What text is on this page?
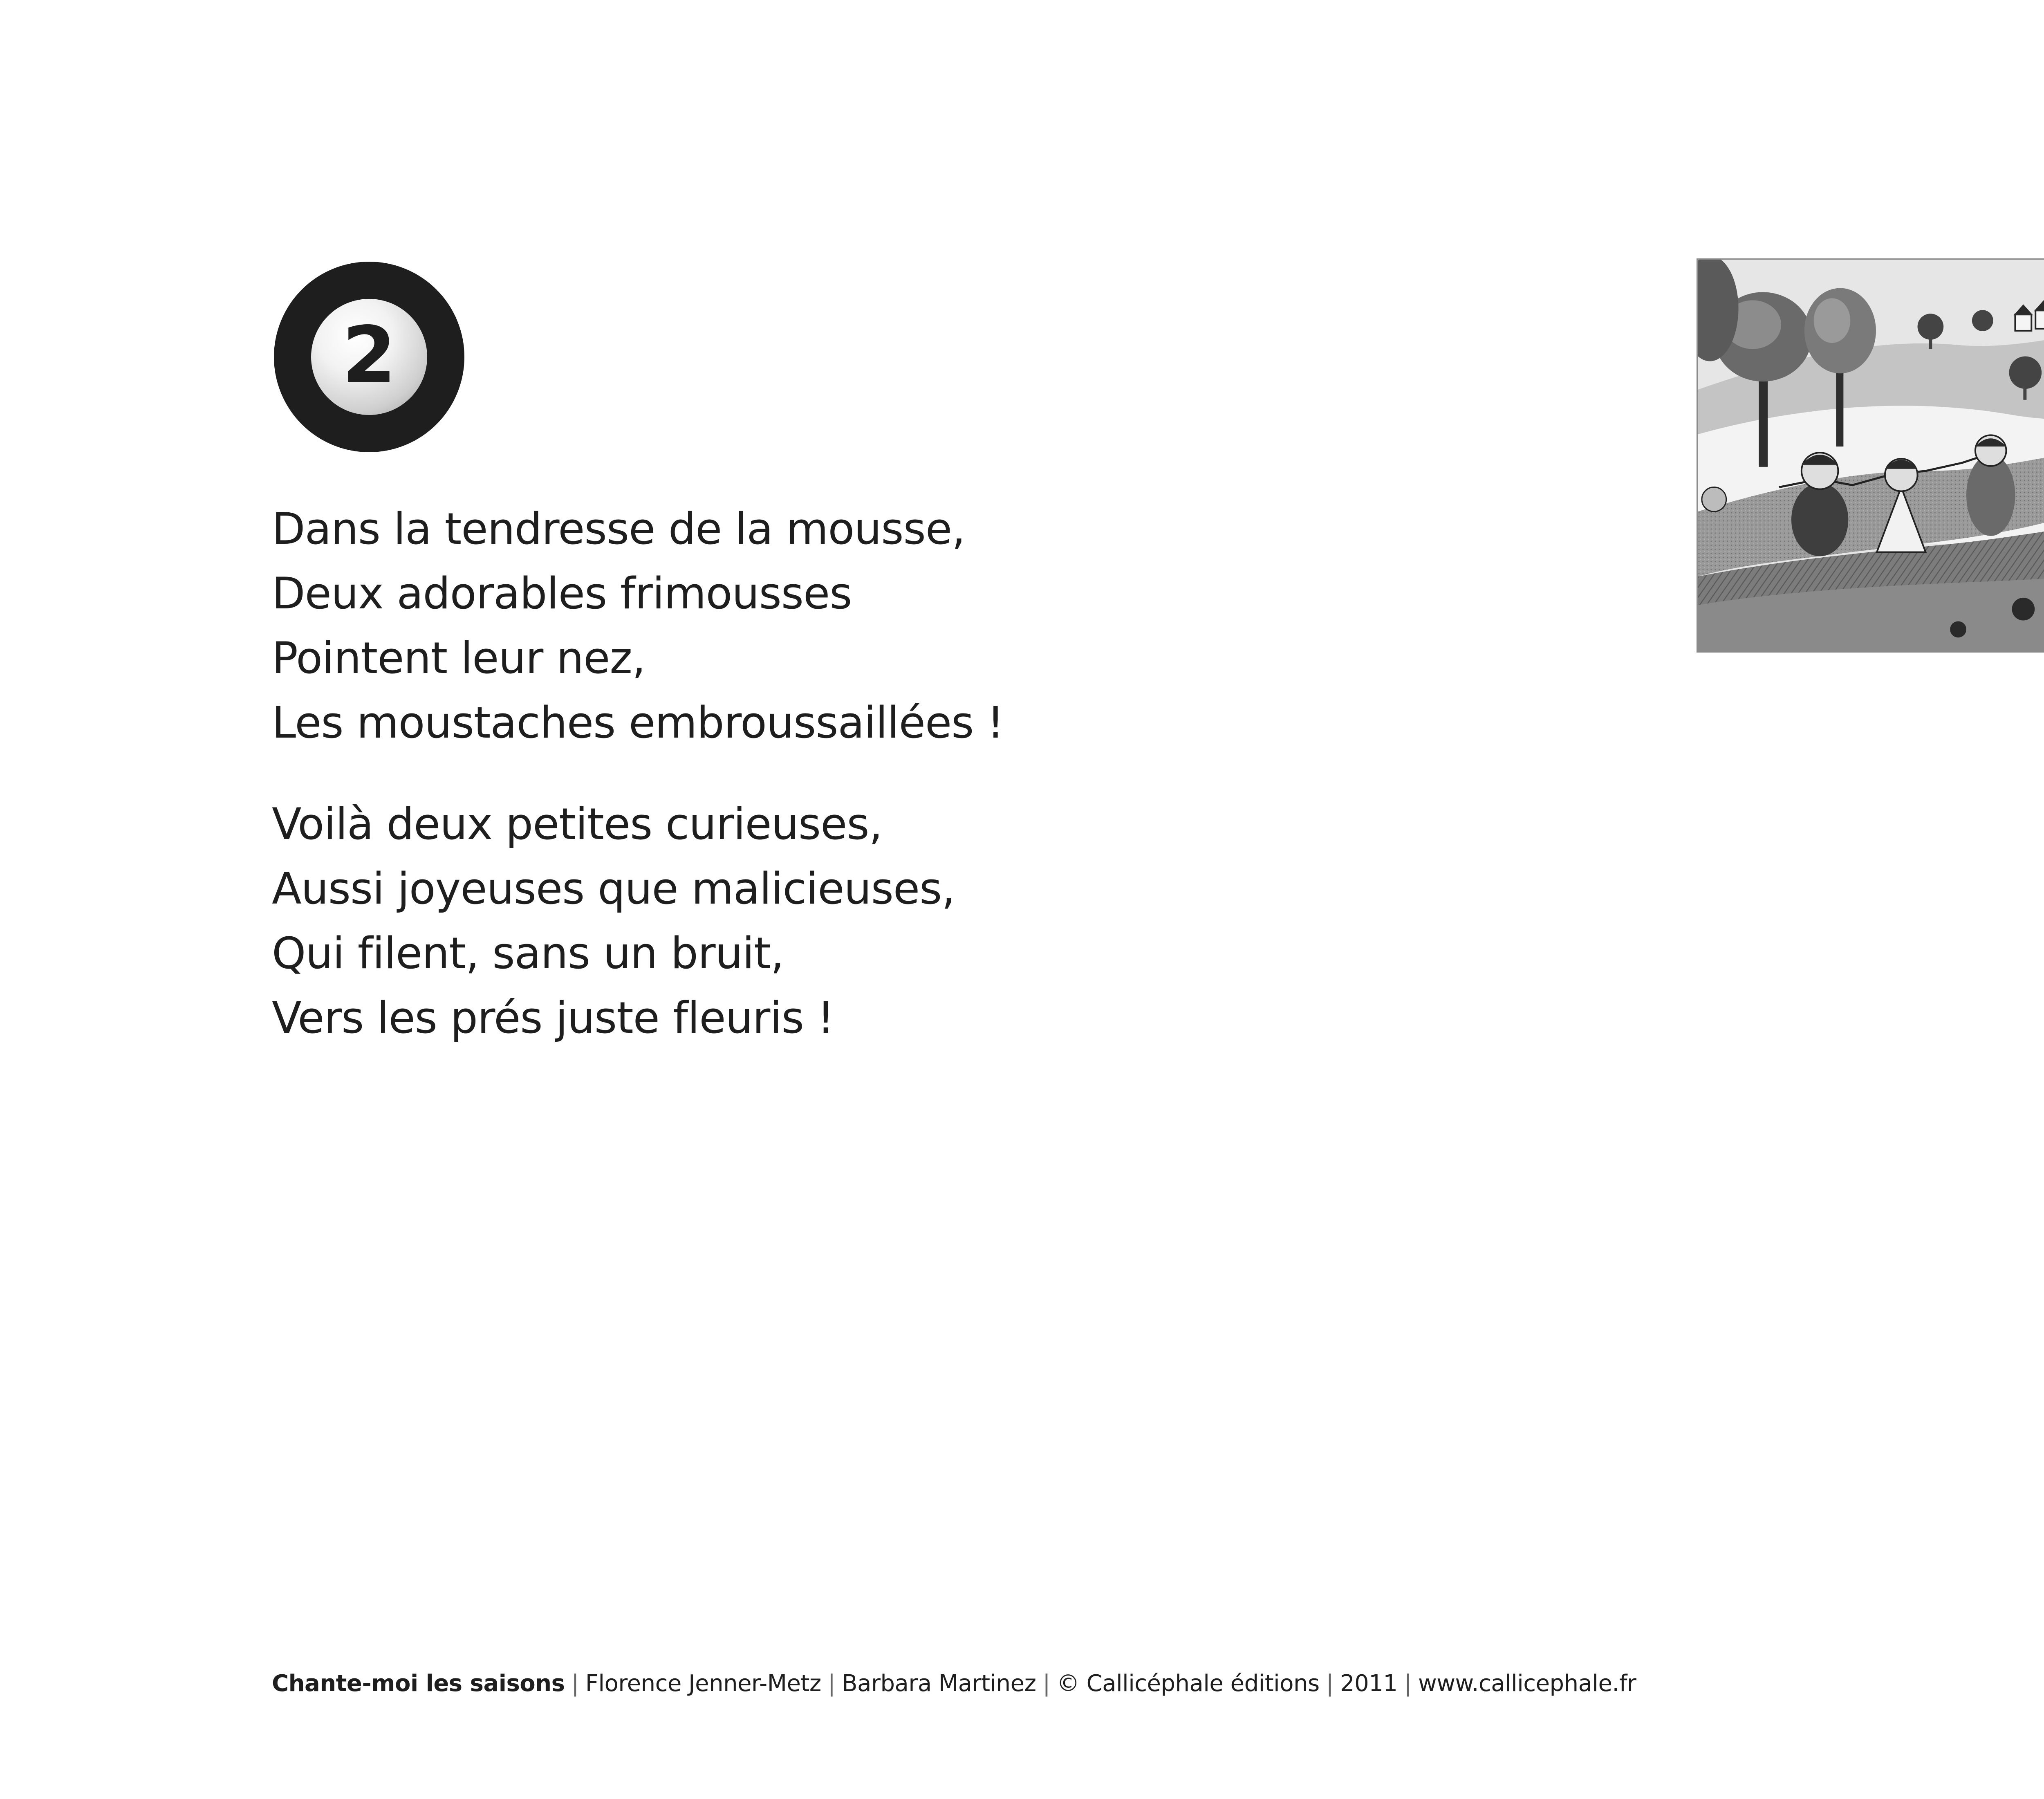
2
Dans la tendresse de la mousse,
Deux adorables frimousses
Pointent leur nez,
Les moustaches embroussaillées !
Voilà deux petites curieuses,
Aussi joyeuses que malicieuses,
Qui filent, sans un bruit,
Vers les prés juste fleuris !
Chante-moi les saisons | Florence Jenner-Metz | Barbara Martinez | © Callicéphale éditions | 2011 | www.callicephale.fr
